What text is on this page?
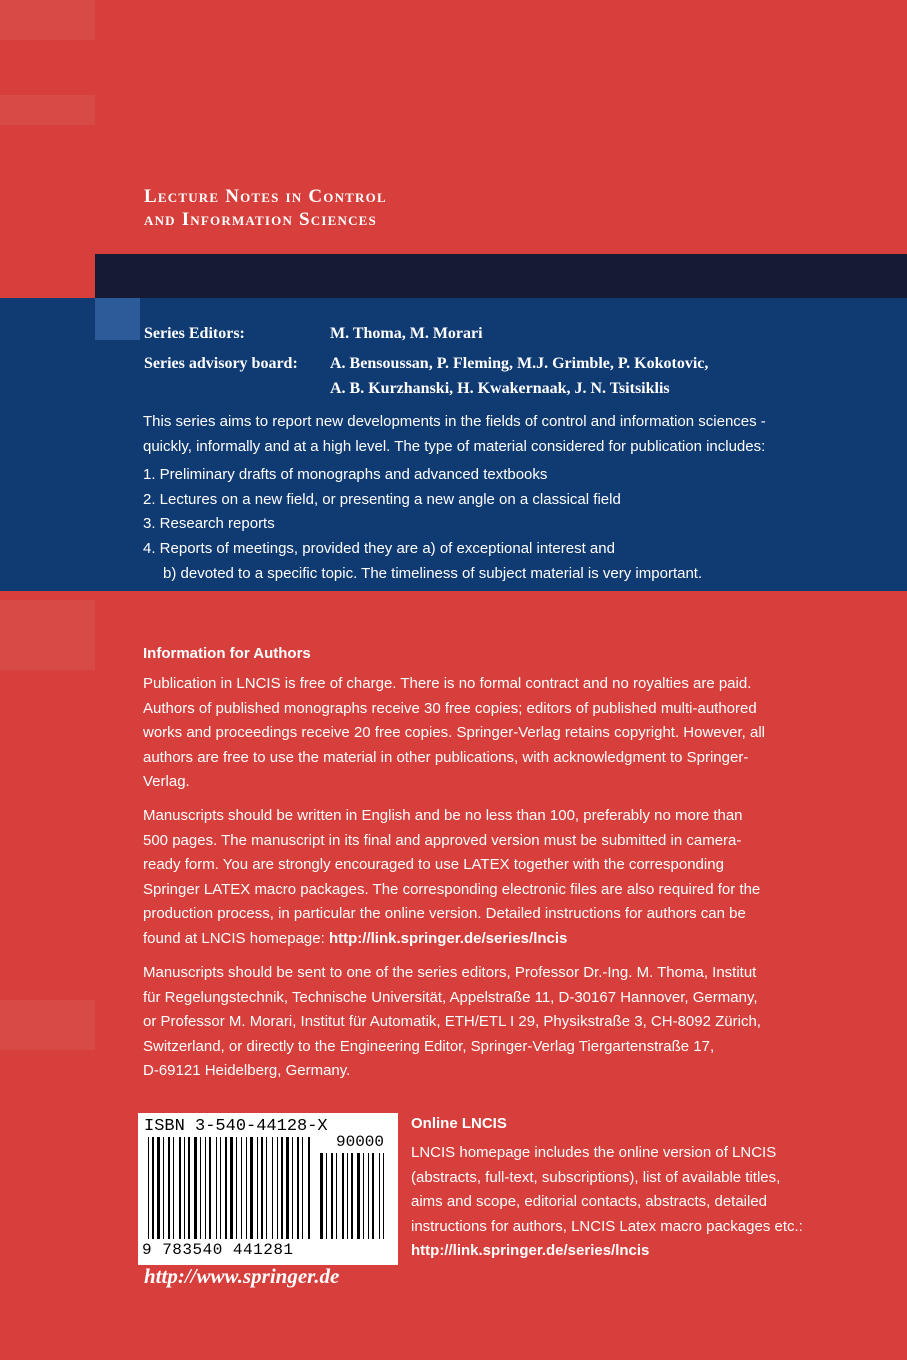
Lecture Notes in Control
and Information Sciences
Series Editors:	M. Thoma, M. Morari
Series advisory board: A. Bensoussan, P. Fleming, M.J. Grimble, P. Kokotovic,
A. B. Kurzhanski, H. Kwakernaak, J. N. Tsitsiklis
This series aims to report new developments in the fields of control and information sciences -
quickly, informally and at a high level. The type of material considered for publication includes:
1. Preliminary drafts of monographs and advanced textbooks
2. Lectures on a new field, or presenting a new angle on a classical field
3. Research reports
4. Reports of meetings, provided they are a) of exceptional interest and
b) devoted to a specific topic. The timeliness of subject material is very important.
Information for Authors
Publication in LNCIS is free of charge. There is no formal contract and no royalties are paid.
Authors of published monographs receive 30 free copies; editors of published multi-authored
works and proceedings receive 20 free copies. Springer-Verlag retains copyright. However, all
authors are free to use the material in other publications, with acknowledgment to Springer-
Verlag.
Manuscripts should be written in English and be no less than 100, preferably no more than
500 pages. The manuscript in its final and approved version must be submitted in camera-
ready form. You are strongly encouraged to use LATEX together with the corresponding
Springer LATEX macro packages. The corresponding electronic files are also required for the
production process, in particular the online version. Detailed instructions for authors can be
found at LNCIS homepage: http://link.springer.de/series/lncis
Manuscripts should be sent to one of the series editors, Professor Dr.-Ing. M. Thoma, Institut
für Regelungstechnik, Technische Universität, Appelstraße 11, D-30167 Hannover, Germany,
or Professor M. Morari, Institut für Automatik, ETH/ETL I 29, Physikstraße 3, CH-8092 Zürich,
Switzerland, or directly to the Engineering Editor, Springer-Verlag Tiergartenstraße 17,
D-69121 Heidelberg, Germany.
ISBN 3-540-44128-X
90000
9 783540 441281
http://www.springer.de
Online LNCIS
LNCIS homepage includes the online version of LNCIS
(abstracts, full-text, subscriptions), list of available titles,
aims and scope, editorial contacts, abstracts, detailed
instructions for authors, LNCIS Latex macro packages etc.:
http://link.springer.de/series/lncis
